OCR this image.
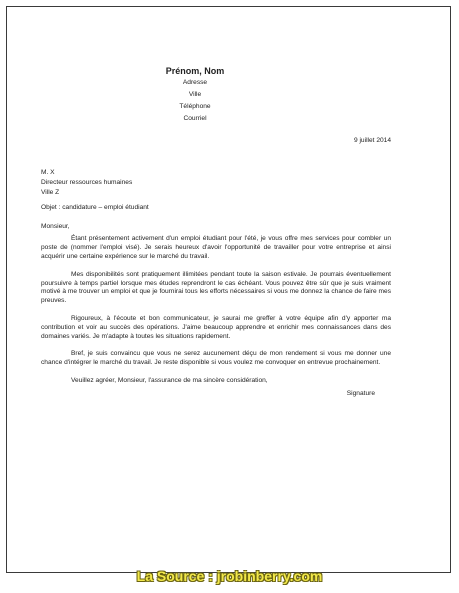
Prénom, Nom
Adresse
Ville
Téléphone
Courriel
9 juillet 2014
M. X
Directeur ressources humaines
Ville Z
Objet : candidature – emploi étudiant
Monsieur,
Étant présentement activement d'un emploi étudiant pour l'été, je vous offre mes services pour combler un poste de (nommer l'emploi visé). Je serais heureux d'avoir l'opportunité de travailler pour votre entreprise et ainsi acquérir une certaine expérience sur le marché du travail.
Mes disponibilités sont pratiquement illimitées pendant toute la saison estivale. Je pourrais éventuellement poursuivre à temps partiel lorsque mes études reprendront le cas échéant. Vous pouvez être sûr que je suis vraiment motivé à me trouver un emploi et que je fournirai tous les efforts nécessaires si vous me donnez la chance de faire mes preuves.
Rigoureux, à l'écoute et bon communicateur, je saurai me greffer à votre équipe afin d'y apporter ma contribution et voir au succès des opérations. J'aime beaucoup apprendre et enrichir mes connaissances dans des domaines variés. Je m'adapte à toutes les situations rapidement.
Bref, je suis convaincu que vous ne serez aucunement déçu de mon rendement si vous me donner une chance d'intégrer le marché du travail. Je reste disponible si vous voulez me convoquer en entrevue prochainement.
Veuillez agréer, Monsieur, l'assurance de ma sincère considération,
Signature
La Source : jrobinberry.com
